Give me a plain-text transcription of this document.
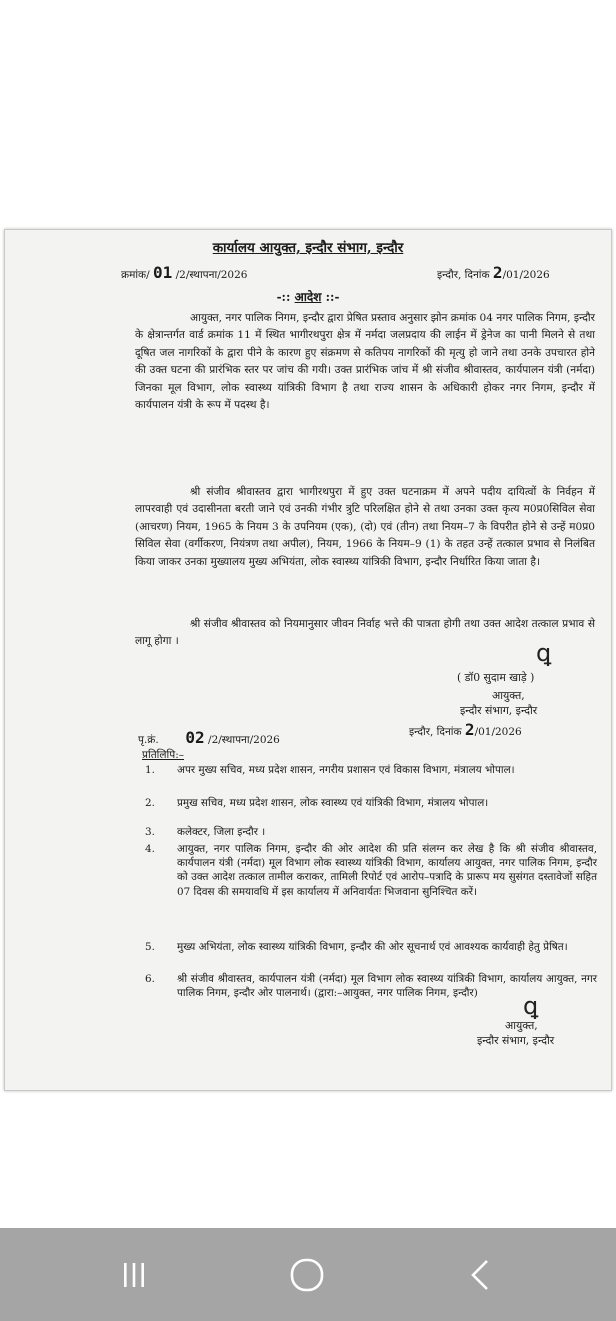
कार्यालय आयुक्त, इन्दौर संभाग, इन्दौर
क्रमांक/ 01 /2/स्थापना/2026	इन्दौर, दिनांक 2/01/2026
-:: आदेश ::-
आयुक्त, नगर पालिक निगम, इन्दौर द्वारा प्रेषित प्रस्ताव अनुसार झोन क्रमांक 04 नगर पालिक निगम, इन्दौर के क्षेत्रान्तर्गत वार्ड क्रमांक 11 में स्थित भागीरथपुरा क्षेत्र में नर्मदा जलप्रदाय की लाईन में ड्रेनेज का पानी मिलने से तथा दूषित जल नागरिकों के द्वारा पीने के कारण हुए संक्रमण से कतिपय नागरिकों की मृत्यु हो जाने तथा उनके उपचारत होने की उक्त घटना की प्रारंभिक स्तर पर जांच की गयी। उक्त प्रारंभिक जांच में श्री संजीव श्रीवास्तव, कार्यपालन यंत्री (नर्मदा) जिनका मूल विभाग, लोक स्वास्थ्य यांत्रिकी विभाग है तथा राज्य शासन के अधिकारी होकर नगर निगम, इन्दौर में कार्यपालन यंत्री के रूप में पदस्थ है।
श्री संजीव श्रीवास्तव द्वारा भागीरथपुरा में हुए उक्त घटनाक्रम में अपने पदीय दायित्वों के निर्वहन में लापरवाही एवं उदासीनता बरती जाने एवं उनकी गंभीर त्रुटि परिलक्षित होने से तथा उनका उक्त कृत्य म0प्र0सिविल सेवा (आचरण) नियम, 1965 के नियम 3 के उपनियम (एक), (दो) एवं (तीन) तथा नियम–7 के विपरीत होने से उन्हें म0प्र0 सिविल सेवा (वर्गीकरण, नियंत्रण तथा अपील), नियम, 1966 के नियम–9 (1) के तहत उन्हें तत्काल प्रभाव से निलंबित किया जाकर उनका मुख्यालय मुख्य अभियंता, लोक स्वास्थ्य यांत्रिकी विभाग, इन्दौर निर्धारित किया जाता है।
श्री संजीव श्रीवास्तव को नियमानुसार जीवन निर्वाह भत्ते की पात्रता होगी तथा उक्त आदेश तत्काल प्रभाव से लागू होगा ।	ꝗ
( डॉ0 सुदाम खाड़े )
आयुक्त,
इन्दौर संभाग, इन्दौर
पृ.क्रं. 02 /2/स्थापना/2026
इन्दौर, दिनांक 2/01/2026
प्रतिलिपि:–
1.	अपर मुख्य सचिव, मध्य प्रदेश शासन, नगरीय प्रशासन एवं विकास विभाग, मंत्रालय भोपाल।
2.	प्रमुख सचिव, मध्य प्रदेश शासन, लोक स्वास्थ्य एवं यांत्रिकी विभाग, मंत्रालय भोपाल।
3.	कलेक्टर, जिला इन्दौर ।
4.	आयुक्त, नगर पालिक निगम, इन्दौर की ओर आदेश की प्रति संलग्न कर लेख है कि श्री संजीव श्रीवास्तव, कार्यपालन यंत्री (नर्मदा) मूल विभाग लोक स्वास्थ्य यांत्रिकी विभाग, कार्यालय आयुक्त, नगर पालिक निगम, इन्दौर को उक्त आदेश तत्काल तामील कराकर, तामिली रिपोर्ट एवं आरोप–पत्रादि के प्रारूप मय सुसंगत दस्तावेजों सहित 07 दिवस की समयावधि में इस कार्यालय में अनिवार्यतः भिजवाना सुनिश्चित करें।
5.	मुख्य अभियंता, लोक स्वास्थ्य यांत्रिकी विभाग, इन्दौर की ओर सूचनार्थ एवं आवश्यक कार्यवाही हेतु प्रेषित।
6.	श्री संजीव श्रीवास्तव, कार्यपालन यंत्री (नर्मदा) मूल विभाग लोक स्वास्थ्य यांत्रिकी विभाग, कार्यालय आयुक्त, नगर पालिक निगम, इन्दौर ओर पालनार्थ। (द्वारा:–आयुक्त, नगर पालिक निगम, इन्दौर)	ꝗ
आयुक्त,
इन्दौर संभाग, इन्दौर
